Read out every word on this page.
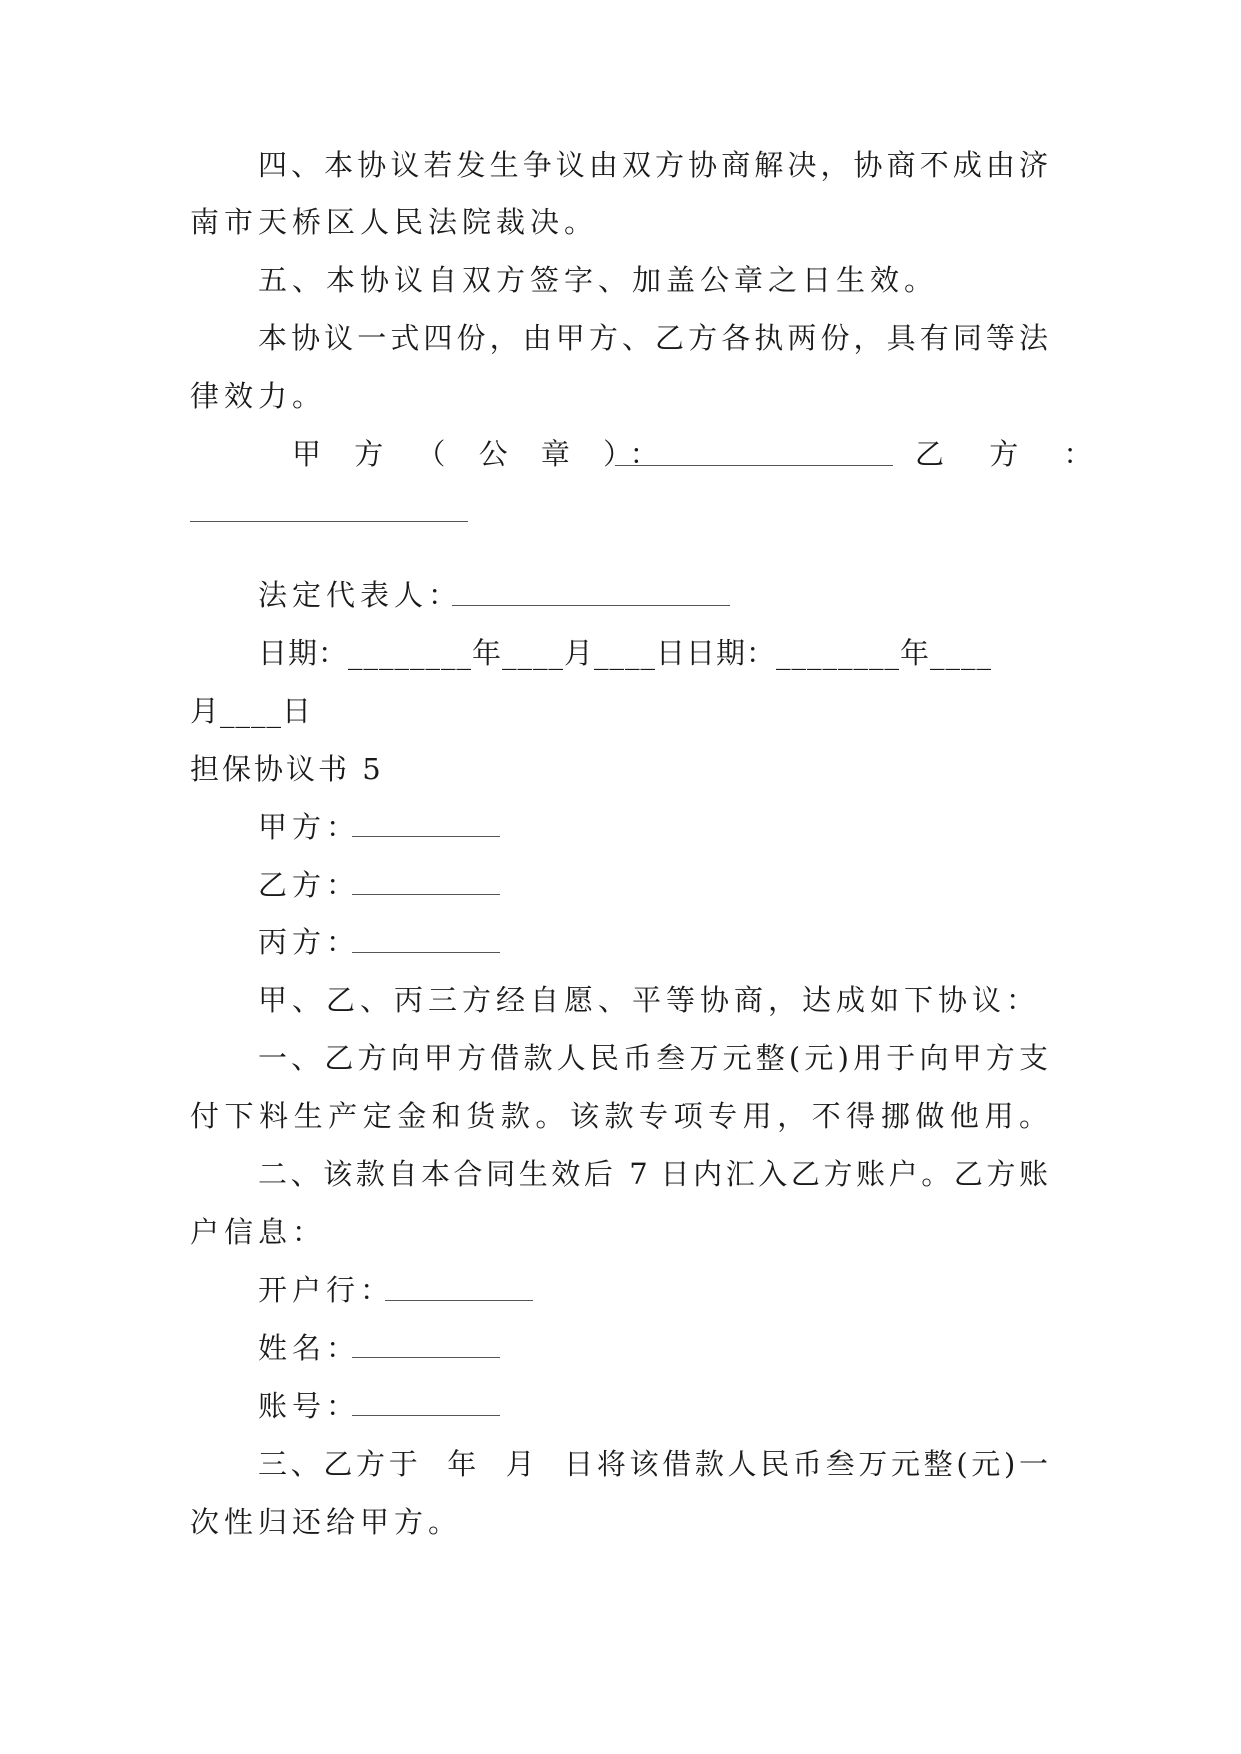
四、本协议若发生争议由双方协商解决，协商不成由济
南市天桥区人民法院裁决。
五、本协议自双方签字、加盖公章之日生效。
本协议一式四份，由甲方、乙方各执两份，具有同等法
律效力。
甲 方 （ 公 章 ）：	乙 方 ：
法定代表人：
日期：________年____月____日日期：________年____
月____日
担保协议书 5
甲方：
乙方：
丙方：
甲、乙、丙三方经自愿、平等协商，达成如下协议：
一、乙方向甲方借款人民币叁万元整(元)用于向甲方支
付下料生产定金和货款。该款专项专用，不得挪做他用。
二、该款自本合同生效后 7 日内汇入乙方账户。乙方账
户信息：
开户行：
姓名：
账号：
三、乙方于  年  月  日将该借款人民币叁万元整(元)一
次性归还给甲方。
